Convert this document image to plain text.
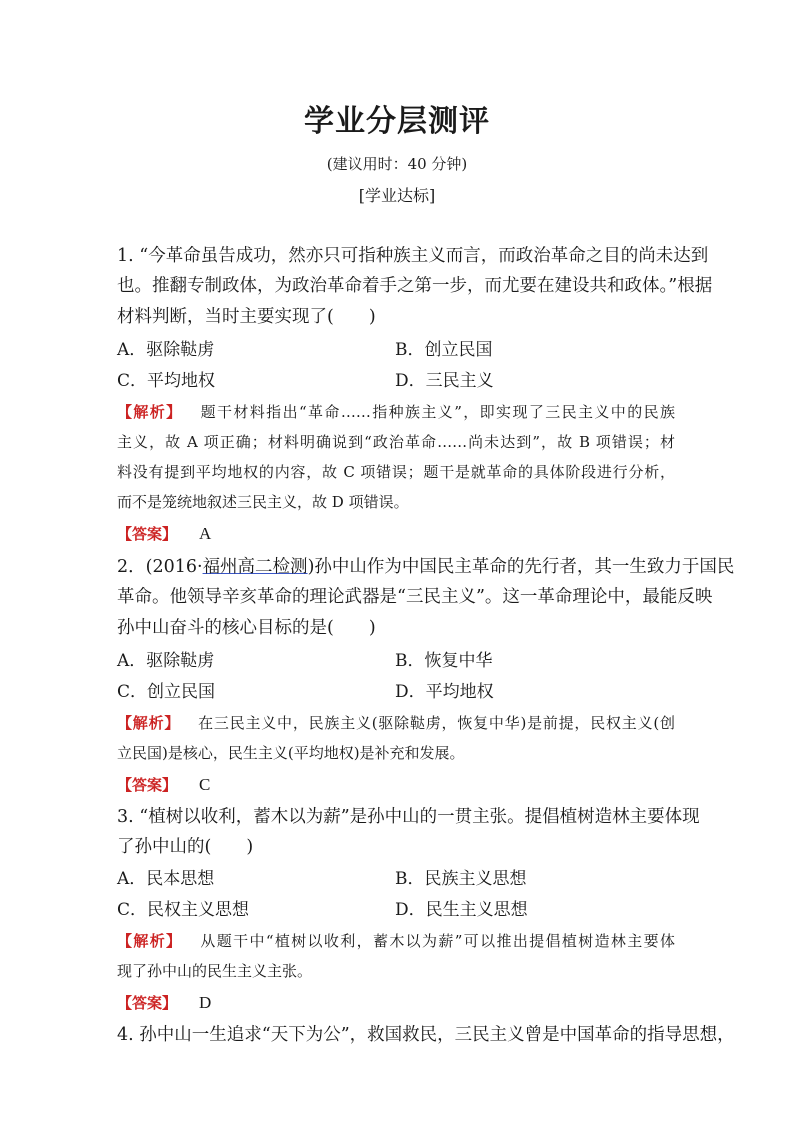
学业分层测评
(建议用时：40 分钟)
[学业达标]
1. “今革命虽告成功，然亦只可指种族主义而言，而政治革命之目的尚未达到
也。推翻专制政体，为政治革命着手之第一步，而尤要在建设共和政体。”根据
材料判断，当时主要实现了(　　)
A．驱除鞑虏	B．创立民国
C．平均地权	D．三民主义
【解析】 题干材料指出“革命……指种族主义”，即实现了三民主义中的民族
主义，故 A 项正确；材料明确说到“政治革命……尚未达到”，故 B 项错误；材
料没有提到平均地权的内容，故 C 项错误；题干是就革命的具体阶段进行分析，
而不是笼统地叙述三民主义，故 D 项错误。
【答案】 A
2．(2016·福州高二检测)孙中山作为中国民主革命的先行者，其一生致力于国民
革命。他领导辛亥革命的理论武器是“三民主义”。这一革命理论中，最能反映
孙中山奋斗的核心目标的是(　　)
A．驱除鞑虏	B．恢复中华
C．创立民国	D．平均地权
【解析】 在三民主义中，民族主义(驱除鞑虏，恢复中华)是前提，民权主义(创
立民国)是核心，民生主义(平均地权)是补充和发展。
【答案】 C
3. “植树以收利，蓄木以为薪”是孙中山的一贯主张。提倡植树造林主要体现
了孙中山的(　　)
A．民本思想	B．民族主义思想
C．民权主义思想	D．民生主义思想
【解析】 从题干中“植树以收利，蓄木以为薪”可以推出提倡植树造林主要体
现了孙中山的民生主义主张。
【答案】 D
4. 孙中山一生追求“天下为公”，救国救民，三民主义曾是中国革命的指导思想，
